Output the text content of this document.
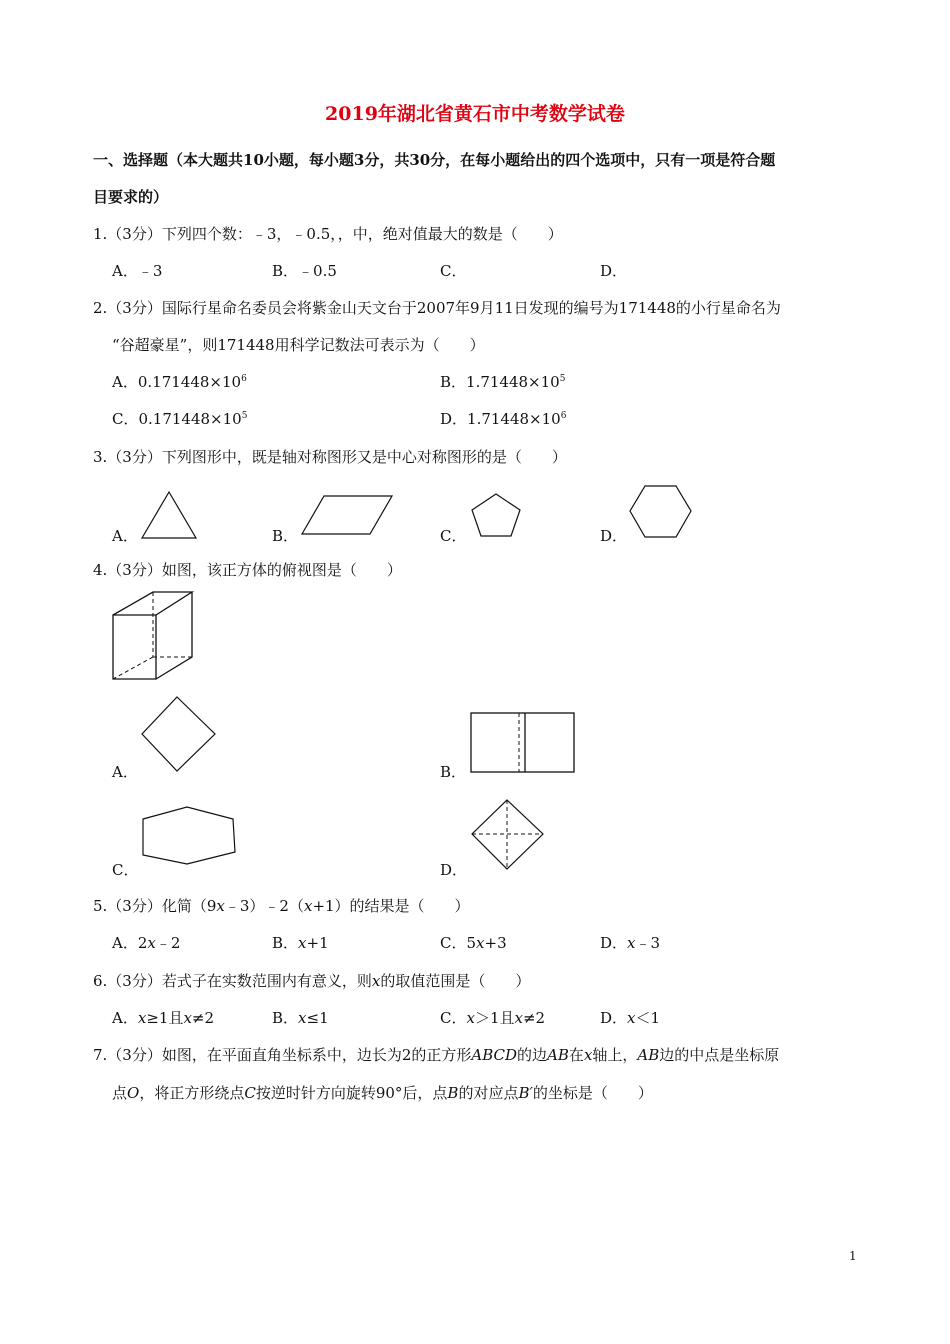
2019年湖北省黄石市中考数学试卷
一、选择题（本大题共10小题，每小题3分，共30分，在每小题给出的四个选项中，只有一项是符合题
目要求的）
1.（3分）下列四个数：﹣3，﹣0.5，，中，绝对值最大的数是（　　）
A．﹣3	B．﹣0.5	C．	D．
2.（3分）国际行星命名委员会将紫金山天文台于2007年9月11日发现的编号为171448的小行星命名为
“谷超豪星”，则171448用科学记数法可表示为（　　）
A．$0.171448\times 10^6$	B．$1.71448\times 10^5$
C．$0.171448\times 10^5$	D．$1.71448\times 10^6$
3.（3分）下列图形中，既是轴对称图形又是中心对称图形的是（　　）
A．	B．	C．	D．
4.（3分）如图，该正方体的俯视图是（　　）
A．	B．
C．	D．
5.（3分）化简（9x﹣3）﹣2（x+1）的结果是（　　）
A．2x﹣2	B．x+1	C．5x+3	D．x﹣3
6.（3分）若式子在实数范围内有意义，则x的取值范围是（　　）
A．x≥1且x≠2	B．x≤1	C．x＞1且x≠2	D．x＜1
7.（3分）如图，在平面直角坐标系中，边长为2的正方形ABCD的边AB在x轴上，AB边的中点是坐标原
点O，将正方形绕点C按逆时针方向旋转90°后，点B的对应点B′的坐标是（　　）
1
